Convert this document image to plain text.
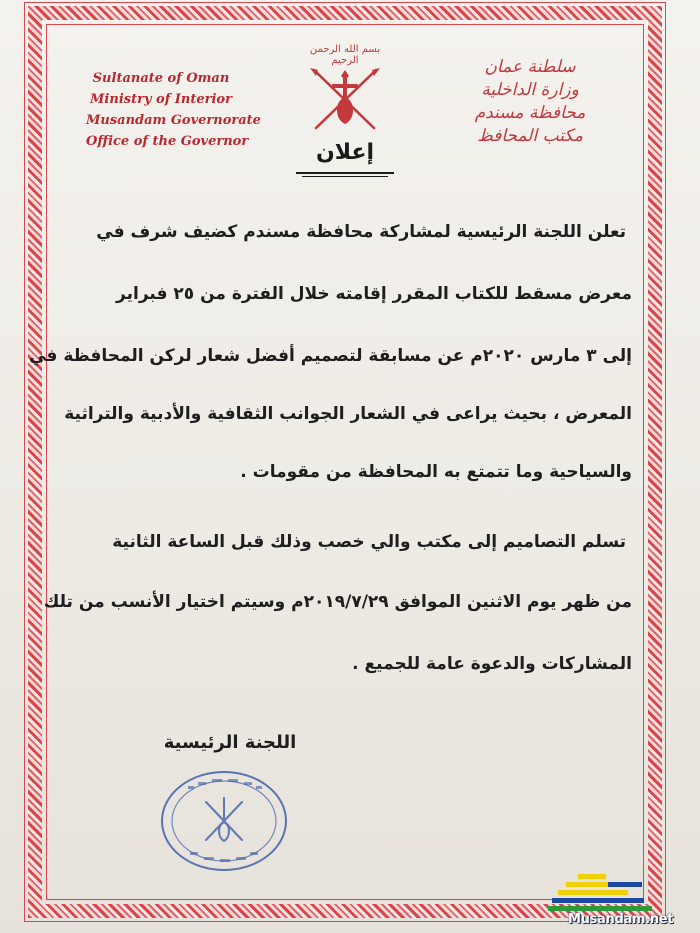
Sultanate of Oman
Ministry of Interior
Musandam Governorate
Office of the Governor
بسم الله الرحمن الرحيم	سلطنة عمان
وزارة الداخلية
محافظة مسندم
مكتب المحافظ
إعلان
تعلن اللجنة الرئيسية لمشاركة محافظة مسندم كضيف شرف في
معرض مسقط للكتاب المقرر إقامته خلال الفترة من ٢٥ فبراير
إلى ٣ مارس ٢٠٢٠م عن مسابقة لتصميم أفضل شعار لركن المحافظة في
المعرض ، بحيث يراعى في الشعار الجوانب الثقافية والأدبية والتراثية
والسياحية وما تتمتع به المحافظة من مقومات .
تسلم التصاميم إلى مكتب والي خصب وذلك قبل الساعة الثانية
من ظهر يوم الاثنين الموافق ٢٠١٩/٧/٢٩م وسيتم اختيار الأنسب من تلك
المشاركات والدعوة عامة للجميع .
اللجنة الرئيسية
Musandam.net
